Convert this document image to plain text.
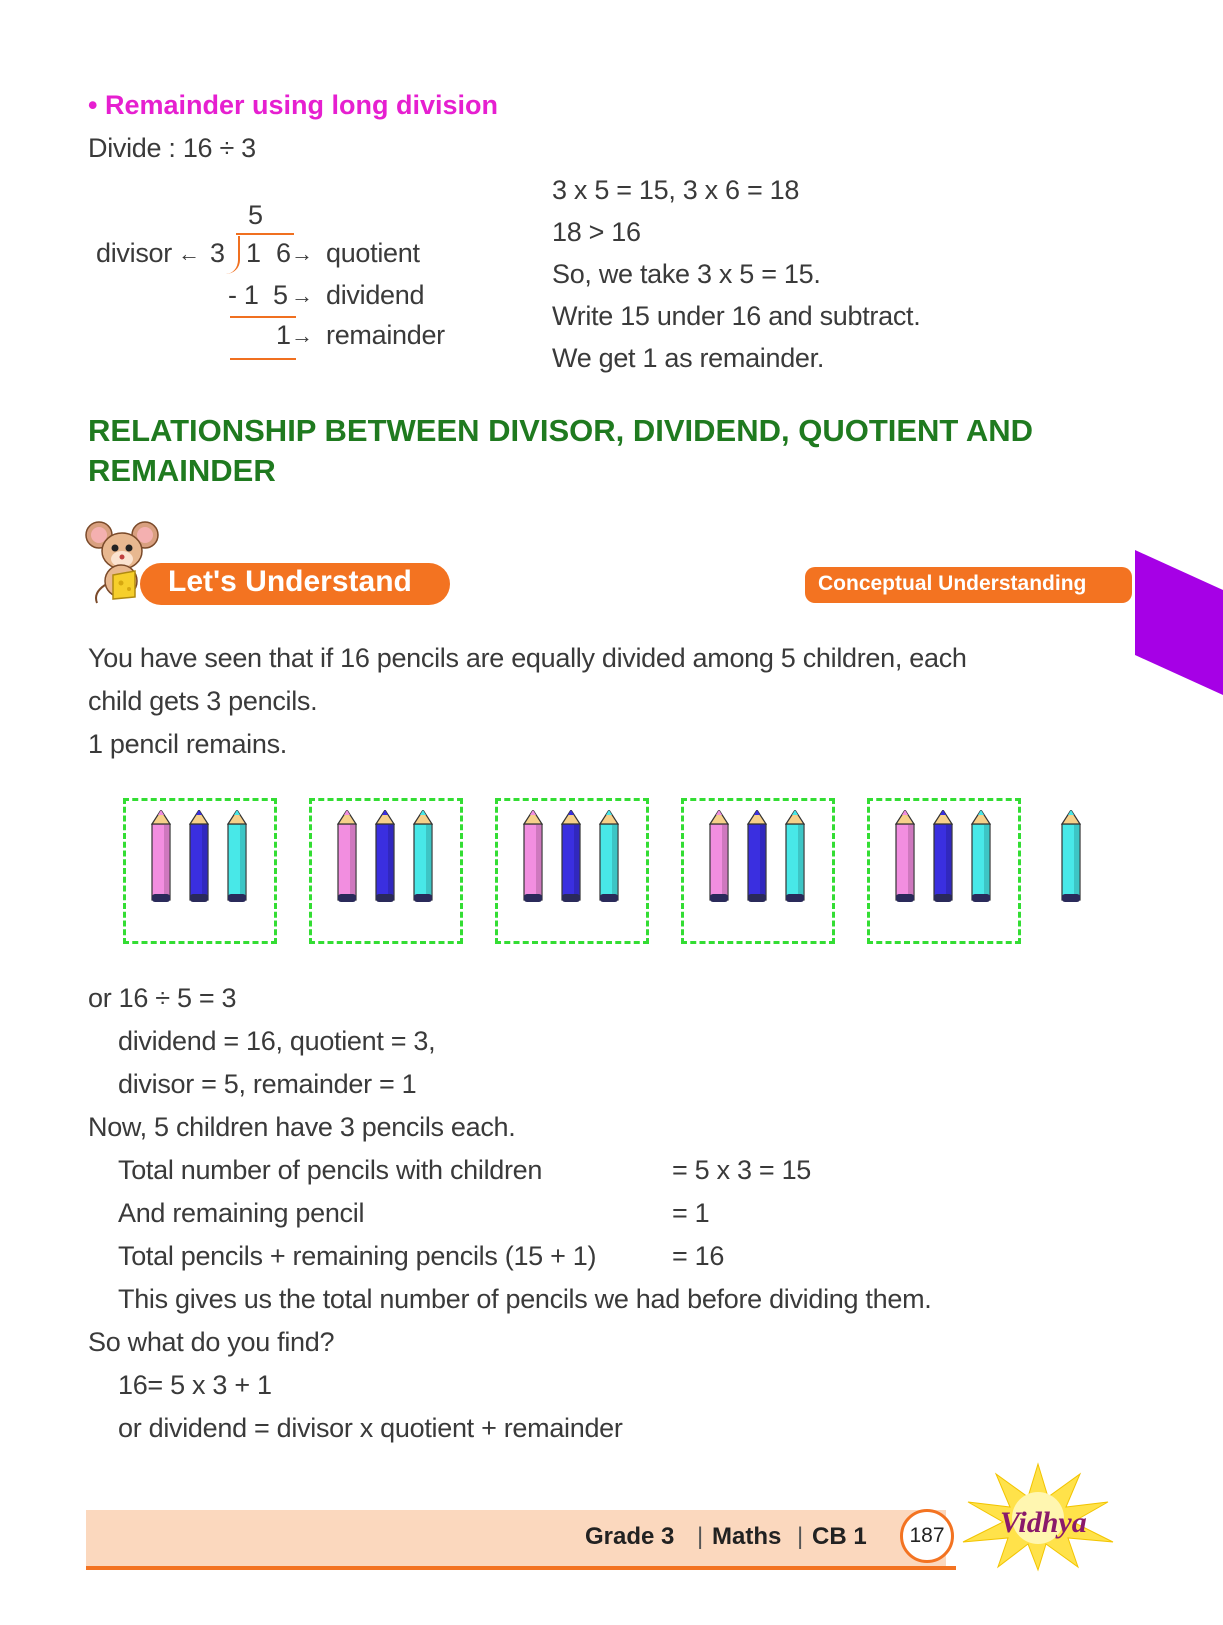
• Remainder using long division
Divide : 16 ÷ 3
5
divisor ← 3 1 6 → quotient
- 1  5 → dividend
1 → remainder
3 x 5 = 15, 3 x 6 = 18
18 > 16
So, we take 3 x 5 = 15.
Write 15 under 16 and subtract.
We get 1 as remainder.
RELATIONSHIP BETWEEN DIVISOR, DIVIDEND, QUOTIENT AND REMAINDER
Let's Understand	Conceptual Understanding
You have seen that if 16 pencils are equally divided among 5 children, each
child gets 3 pencils.
1 pencil remains.
or 16 ÷ 5 = 3
dividend = 16, quotient = 3,
divisor = 5, remainder = 1
Now, 5 children have 3 pencils each.
Total number of pencils with children	= 5 x 3 = 15
And remaining pencil	= 1
Total pencils + remaining pencils (15 + 1)	= 16
This gives us the total number of pencils we had before dividing them.
So what do you find?
16= 5 x 3 + 1
or dividend = divisor x quotient + remainder
Grade 3 | Maths | CB 1	187	Vidhya
